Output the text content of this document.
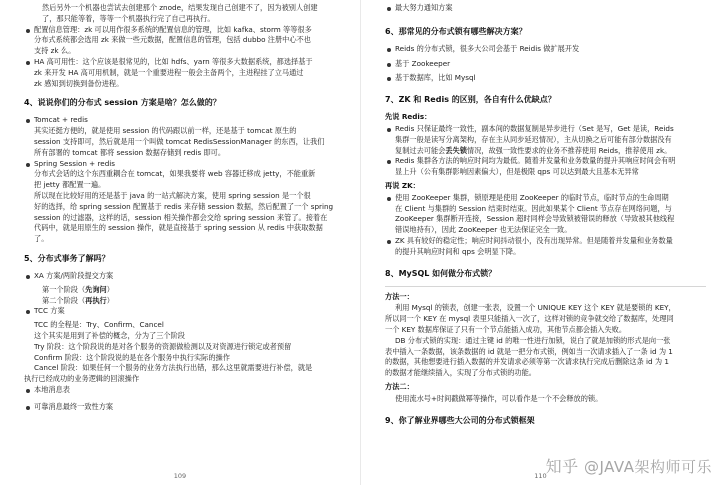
然后另外一个机器也尝试去创建那个 znode，结果发现自己创建不了，因为被别人创建
了，那只能等着，等等一个机器执行完了自己再执行。
配置信息管理：zk 可以用作很多系统的配置信息的管理，比如 kafka、storm 等等很多
分布式系统都会选用 zk 来做一些元数据，配置信息的管理，包括 dubbo 注册中心不也
支持 zk 么。
HA 高可用性：这个应该是很常见的，比如 hdfs、yarn 等很多大数据系统，都选择基于
zk 来开发 HA 高可用机制，就是一个重要进程一般会主备两个，主进程挂了立马通过
zk 感知到切换到备份进程。
4、说说你们的分布式 session 方案是啥？怎么做的？
Tomcat + redis
其实还挺方便的，就是使用 session 的代码跟以前一样，还是基于 tomcat 原生的
session 支持即可，然后就是用一个叫做 tomcat RedisSessionManager 的东西，让我们
所有部署的 tomcat 都将 session 数据存储到 redis 即可。
Spring Session + redis
分布式会话的这个东西重耦合在 tomcat，如果我要将 web 容器迁移成 jetty，不能重新
把 jetty 都配置一遍。
所以现在比较好用的还是基于 java 的一站式解决方案，使用 spring session 是一个很
好的选择，给 spring session 配置基于 redis 来存储 session 数据，然后配置了一个 spring
session 的过滤器，这样的话，session 相关操作都会交给 spring session 来管了。接着在
代码中，就是用原生的 session 操作，就是直接基于 spring session 从 redis 中获取数据
了。
5、分布式事务了解吗？
XA 方案/两阶段提交方案
第一个阶段（先询问）
第二个阶段（再执行）
TCC 方案
TCC 的全程是：Try、Confirm、Cancel
这个其实是用到了补偿的概念，分为了三个阶段
Try 阶段：这个阶段说的是对各个服务的资源做检测以及对资源进行锁定或者预留
Confirm 阶段：这个阶段说的是在各个服务中执行实际的操作
Cancel 阶段：如果任何一个服务的业务方法执行出错，那么这里就需要进行补偿，就是
执行已经成功的业务逻辑的回滚操作
本地消息表
可靠消息最终一致性方案
109
最大努力通知方案
6、那常见的分布式锁有哪些解决方案？
Reids 的分布式锁，很多大公司会基于 Reidis 做扩展开发
基于 Zookeeper
基于数据库，比如 Mysql
7、ZK 和 Redis 的区别，各自有什么优缺点？
先说 Redis：
Redis 只保证最终一致性，副本间的数据复制是异步进行（Set 是写，Get 是读，Reids
集群一般是读写分离架构，存在主从同步延迟情况），主从切换之后可能有部分数据没有
复制过去可能会丢失锁情况，故强一致性要求的业务不推荐使用 Reids，推荐使用 zk。
Redis 集群各方法的响应时间均为最低。随着并发量和业务数量的提升其响应时间会有明
显上升（公有集群影响因素偏大），但是极限 qps 可以达到最大且基本无异常
再说 ZK：
使用 ZooKeeper 集群，锁原理是使用 ZooKeeper 的临时节点，临时节点的生命周期
在 Client 与集群的 Session 结束时结束。因此如果某个 Client 节点存在网络问题，与
ZooKeeper 集群断开连接，Session 超时同样会导致锁被错误的释放（导致被其他线程
错误地持有），因此 ZooKeeper 也无法保证完全一致。
ZK 具有较好的稳定性；响应时间抖动很小，没有出现异常。但是随着并发量和业务数量
的提升其响应时间和 qps 会明显下降。
8、MySQL 如何做分布式锁？
方法一：
利用 Mysql 的锁表，创建一张表，设置一个 UNIQUE KEY 这个 KEY 就是要锁的 KEY，
所以同一个 KEY 在 mysql 表里只能插入一次了，这样对锁的竞争就交给了数据库，处理同
一个 KEY 数据库保证了只有一个节点能插入成功，其他节点都会插入失败。
DB 分布式锁的实现：通过主键 id 的唯一性进行加锁，说白了就是加锁的形式是向一张
表中插入一条数据，该条数据的 id 就是一把分布式锁，例如当一次请求插入了一条 id 为 1
的数据，其他想要进行插入数据的并发请求必须等第一次请求执行完成后删除这条 id 为 1
的数据才能继续插入，实现了分布式锁的功能。
方法二：
使用流水号+时间戳做幂等操作，可以看作是一个不会释放的锁。
9、你了解业界哪些大公司的分布式锁框架
110
知乎 @JAVA架构师可乐
